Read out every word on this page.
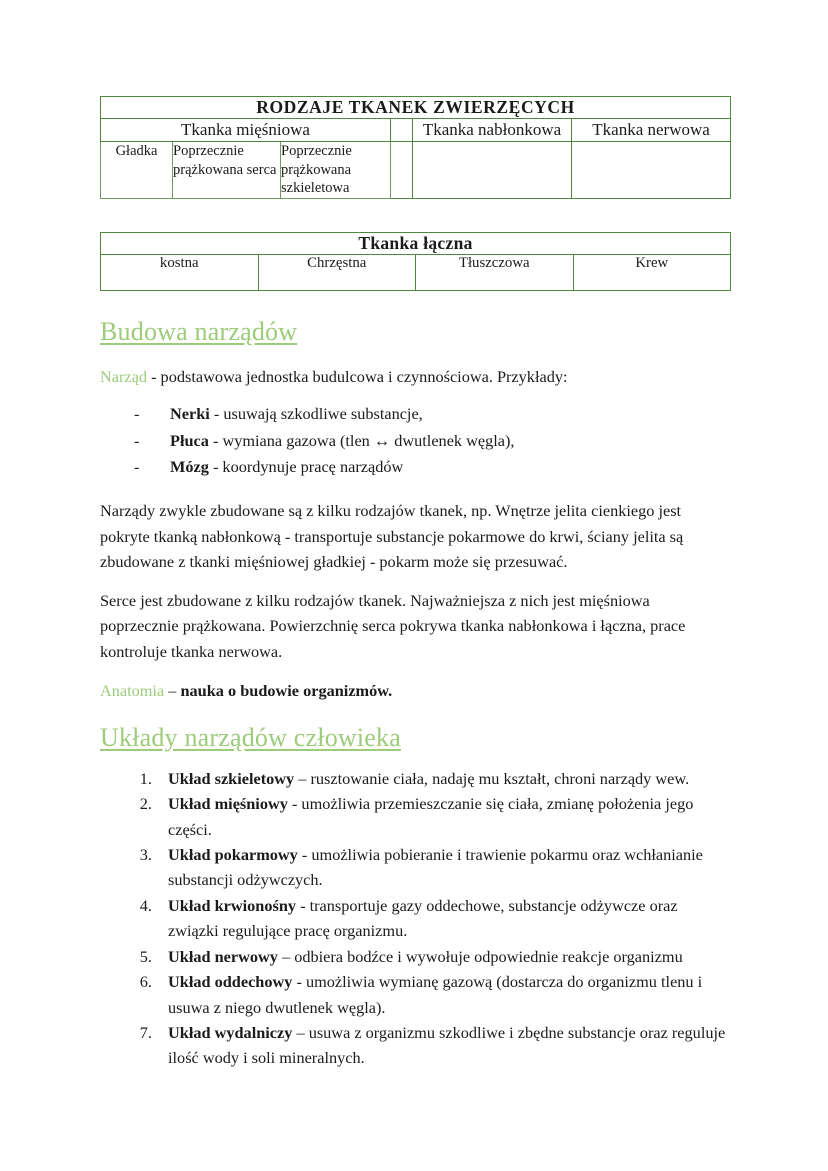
RODZAJE TKANEK ZWIERZĘCYCH					
Tkanka mięśniowa				Tkanka nabłonkowa	Tkanka nerwowa
Gładka	Poprzecznie prążkowana serca	Poprzecznie prążkowana szkieletowa			
Tkanka łączna
kostna	Chrzęstna	Tłuszczowa	Krew
Budowa narządów

Narząd - podstawowa jednostka budulcowa i czynnościowa. Przykłady:

- Nerki - usuwają szkodliwe substancje,
- Płuca - wymiana gazowa (tlen ↔ dwutlenek węgla),
- Mózg - koordynuje pracę narządów

Narządy zwykle zbudowane są z kilku rodzajów tkanek, np. Wnętrze jelita cienkiego jest pokryte tkanką nabłonkową - transportuje substancje pokarmowe do krwi, ściany jelita są zbudowane z tkanki mięśniowej gładkiej - pokarm może się przesuwać.

Serce jest zbudowane z kilku rodzajów tkanek. Najważniejsza z nich jest mięśniowa poprzecznie prążkowana. Powierzchnię serca pokrywa tkanka nabłonkowa i łączna, prace kontroluje tkanka nerwowa.

Anatomia – nauka o budowie organizmów.

Układy narządów człowieka
1. Układ szkieletowy – rusztowanie ciała, nadaję mu kształt, chroni narządy wew.
2. Układ mięśniowy - umożliwia przemieszczanie się ciała, zmianę położenia jego części.
3. Układ pokarmowy - umożliwia pobieranie i trawienie pokarmu oraz wchłanianie substancji odżywczych.
4. Układ krwionośny - transportuje gazy oddechowe, substancje odżywcze oraz związki regulujące pracę organizmu.
5. Układ nerwowy – odbiera bodźce i wywołuje odpowiednie reakcje organizmu
6. Układ oddechowy - umożliwia wymianę gazową (dostarcza do organizmu tlenu i usuwa z niego dwutlenek węgla).
7. Układ wydalniczy – usuwa z organizmu szkodliwe i zbędne substancje oraz reguluje ilość wody i soli mineralnych.
